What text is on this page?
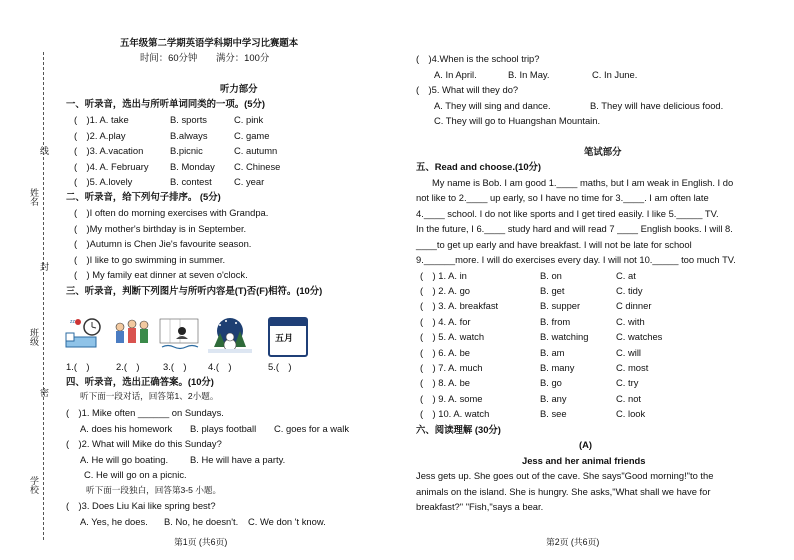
线
封
密
姓名
班级
学校
五年级第二学期英语学科期中学习比赛题本
时间：60分钟　　满分：100分
听力部分
一、听录音，选出与所听单词同类的一项。(5分)
(　)1. A. take	B. sports	C. pink
(　)2. A.play	B.always	C. game
(　)3. A.vacation	B.picnic	C. autumn
(　)4. A. February B. Monday C. Chinese
(　)5. A.lovely	B. contest C. year
二、听录音，给下列句子排序。 (5分)
(　)I often do morning exercises with Grandpa.
(　)My mother's birthday is in September.
(　)Autumn is Chen Jie's favourite season.
(　)I like to go swimming in summer.
(　) My family eat dinner at seven o'clock.
三、听录音，判断下列图片与所听内容是(T)否(F)相符。(10分)
zz
五月
1.(　)	2.(　)	3.(　) 4.(　)	5.(　)
四、听录音，选出正确答案。(10分)
听下面一段对话，回答第1、2小题。
(　)1. Mike often ______ on Sundays.
A. does his homework B. plays football C. goes for a walk
(　)2. What will Mike do this Sunday?
A. He will go boating. B. He will have a party.
C. He will go on a picnic.
听下面一段独白，回答第3-5 小题。
(　)3. Does Liu Kai like spring best?
A. Yes, he does. B. No, he doesn't. C. We don 't know.
第1页 (共6页)
(　)4.When is the school trip?
A. In April.	B. In May.	C. In June.
(　)5. What will they do?
A. They will sing and dance.	B. They will have delicious food.
C. They will go to Huangshan Mountain.
笔试部分
五、Read and choose.(10分)
My name is Bob. I am good 1.____ maths, but I am weak in English. I do
not like to 2.____ up early, so I have no time for 3.____. I am often late
4.____ school. I do not like sports and I get tired easily. I like 5._____ TV.
In the future, I 6.____ study hard and will read 7 ____ English books. I will 8.
____to get up early and have breakfast. I will not be late for school
9.______more. I will do exercises every day. I will not 10._____ too much TV.
(　) 1. A. in	B. on	C. at
(　) 2. A. go	B. get	C. tidy
(　) 3. A. breakfast	B. supper	C dinner
(　) 4. A. for	B. from	C. with
(　) 5. A. watch	B. watching	C. watches
(　) 6. A. be	B. am	C. will
(　) 7. A. much	B. many	C. most
(　) 8. A. be	B. go	C. try
(　) 9. A. some	B. any	C. not
(　) 10. A. watch	B. see	C. look
六、阅读理解 (30分)
(A)
Jess and her animal friends
Jess gets up. She goes out of the cave. She says"Good morning!"to the
animals on the island. She is hungry. She asks,"What shall we have for
breakfast?" "Fish,"says a bear.
第2页 (共6页)
